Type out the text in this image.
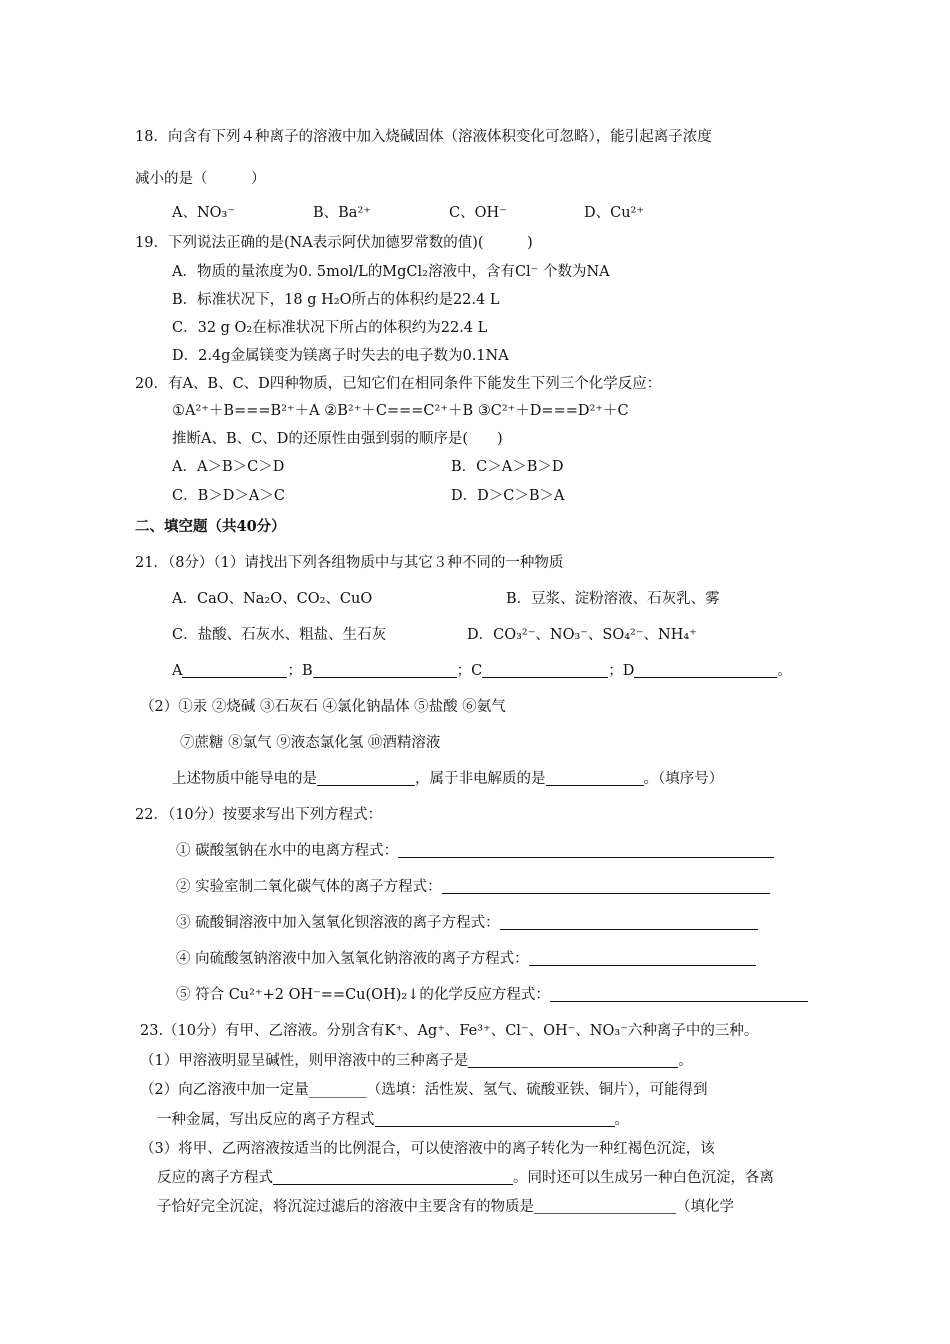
18．向含有下列４种离子的溶液中加入烧碱固体（溶液体积变化可忽略），能引起离子浓度
减小的是（　　　）
A、NO₃⁻	B、Ba²⁺	C、OH⁻	D、Cu²⁺
19．下列说法正确的是(NA表示阿伏加德罗常数的值)(　　　)
A．物质的量浓度为0. 5mol/L的MgCl₂溶液中，含有Cl⁻ 个数为NA
B．标准状况下，18 g H₂O所占的体积约是22.4 L
C．32 g O₂在标准状况下所占的体积约为22.4 L
D．2.4g金属镁变为镁离子时失去的电子数为0.1NA
20．有A、B、C、D四种物质，已知它们在相同条件下能发生下列三个化学反应：
①A²⁺＋B===B²⁺＋A ②B²⁺＋C===C²⁺＋B ③C²⁺＋D===D²⁺＋C
推断A、B、C、D的还原性由强到弱的顺序是(　　)
A．A＞B＞C＞D	B．C＞A＞B＞D
C．B＞D＞A＞C	D．D＞C＞B＞A
二、填空题（共40分）
21．（8分）（1）请找出下列各组物质中与其它３种不同的一种物质
A．CaO、Na₂O、CO₂、CuO	B．豆浆、淀粉溶液、石灰乳、雾
C．盐酸、石灰水、粗盐、生石灰	D．CO₃²⁻、NO₃⁻、SO₄²⁻、NH₄⁺
A	；B	；C	；D	。
（2）①汞 ②烧碱 ③石灰石 ④氯化钠晶体 ⑤盐酸 ⑥氨气
⑦蔗糖 ⑧氯气 ⑨液态氯化氢 ⑩酒精溶液
上述物质中能导电的是	，属于非电解质的是	。（填序号）
22．（10分）按要求写出下列方程式：
① 碳酸氢钠在水中的电离方程式：
② 实验室制二氧化碳气体的离子方程式：
③ 硫酸铜溶液中加入氢氧化钡溶液的离子方程式：
④ 向硫酸氢钠溶液中加入氢氧化钠溶液的离子方程式：
⑤ 符合 Cu²⁺+2 OH⁻==Cu(OH)₂↓的化学反应方程式：
23.（10分）有甲、乙溶液。分别含有K⁺、Ag⁺、Fe³⁺、Cl⁻、OH⁻、NO₃⁻六种离子中的三种。
（1）甲溶液明显呈碱性，则甲溶液中的三种离子是	。
（2）向乙溶液中加一定量________（选填：活性炭、氢气、硫酸亚铁、铜片），可能得到
一种金属，写出反应的离子方程式	。
（3）将甲、乙两溶液按适当的比例混合，可以使溶液中的离子转化为一种红褐色沉淀，该
反应的离子方程式	。同时还可以生成另一种白色沉淀，各离
子恰好完全沉淀，将沉淀过滤后的溶液中主要含有的物质是	（填化学
